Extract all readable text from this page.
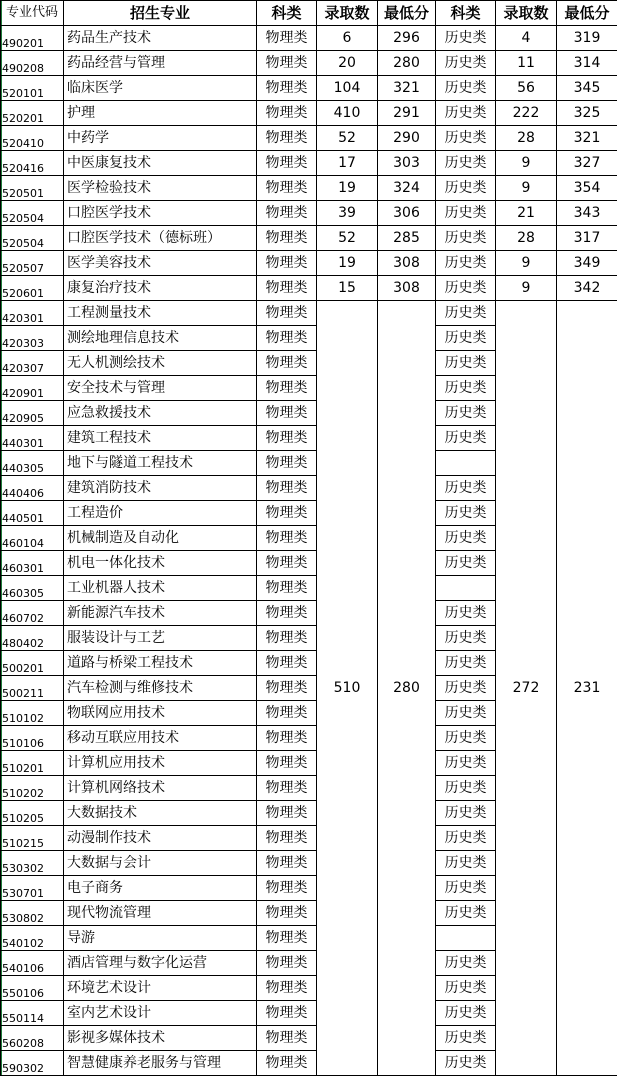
专业代码	招生专业	科类	录取数	最低分	科类	录取数	最低分
490201	药品生产技术	物理类	6	296	历史类	4	319
490208	药品经营与管理	物理类	20	280	历史类	11	314
520101	临床医学	物理类	104	321	历史类	56	345
520201	护理	物理类	410	291	历史类	222	325
520410	中药学	物理类	52	290	历史类	28	321
520416	中医康复技术	物理类	17	303	历史类	9	327
520501	医学检验技术	物理类	19	324	历史类	9	354
520504	口腔医学技术	物理类	39	306	历史类	21	343
520504	口腔医学技术（德标班）	物理类	52	285	历史类	28	317
520507	医学美容技术	物理类	19	308	历史类	9	349
520601	康复治疗技术	物理类	15	308	历史类	9	342
420301	工程测量技术	物理类	510	280	历史类	272	231
420303	测绘地理信息技术	物理类			历史类		
420307	无人机测绘技术	物理类			历史类		
420901	安全技术与管理	物理类			历史类		
420905	应急救援技术	物理类			历史类		
440301	建筑工程技术	物理类			历史类		
440305	地下与隧道工程技术	物理类					
440406	建筑消防技术	物理类			历史类		
440501	工程造价	物理类			历史类		
460104	机械制造及自动化	物理类			历史类		
460301	机电一体化技术	物理类			历史类		
460305	工业机器人技术	物理类					
460702	新能源汽车技术	物理类			历史类		
480402	服装设计与工艺	物理类			历史类		
500201	道路与桥梁工程技术	物理类			历史类		
500211	汽车检测与维修技术	物理类			历史类		
510102	物联网应用技术	物理类			历史类		
510106	移动互联应用技术	物理类			历史类		
510201	计算机应用技术	物理类			历史类		
510202	计算机网络技术	物理类			历史类		
510205	大数据技术	物理类			历史类		
510215	动漫制作技术	物理类			历史类		
530302	大数据与会计	物理类			历史类		
530701	电子商务	物理类			历史类		
530802	现代物流管理	物理类			历史类		
540102	导游	物理类					
540106	酒店管理与数字化运营	物理类			历史类		
550106	环境艺术设计	物理类			历史类		
550114	室内艺术设计	物理类			历史类		
560208	影视多媒体技术	物理类			历史类		
590302	智慧健康养老服务与管理	物理类			历史类		
